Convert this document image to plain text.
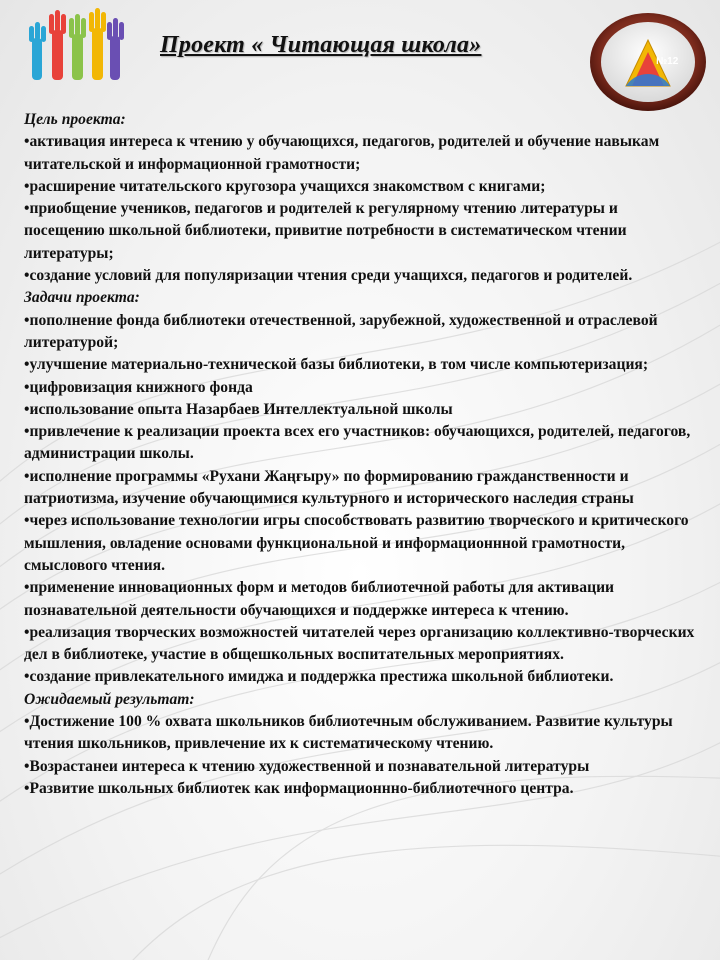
№12
Проект « Читающая школа»
Цель проекта:

•активация интереса к чтению у обучающихся, педагогов, родителей и обучение навыкам читательской и информационной грамотности;

•расширение читательского кругозора учащихся знакомством с книгами;

•приобщение учеников, педагогов и родителей к регулярному чтению литературы и посещению школьной библиотеки, привитие потребности в систематическом чтении литературы;

•создание условий для популяризации чтения среди учащихся, педагогов и родителей.

Задачи проекта:

•пополнение фонда библиотеки отечественной, зарубежной, художественной и отраслевой литературой;

•улучшение материально-технической базы библиотеки, в том числе компьютеризация;

•цифровизация книжного фонда

•использование опыта Назарбаев Интеллектуальной школы

•привлечение к реализации проекта всех его участников: обучающихся, родителей, педагогов, администрации школы.

•исполнение программы «Рухани Жаңғыру» по формированию гражданственности и патриотизма, изучение обучающимися культурного и исторического наследия страны

•через использование технологии игры способствовать развитию творческого и критического мышления, овладение основами функциональной и информационнной грамотности, смыслового чтения.

•применение инновационных форм и методов библиотечной работы для активации познавательной деятельности обучающихся и поддержке интереса к чтению.

•реализация творческих возможностей читателей через организацию коллективно-творческих дел в библиотеке, участие в общешкольных воспитательных мероприятиях.

•создание привлекательного имиджа и поддержка престижа школьной библиотеки.

Ожидаемый результат:

•Достижение 100 % охвата школьников библиотечным обслуживанием. Развитие культуры чтения школьников, привлечение их к систематическому чтению.

•Возрастанеи интереса к чтению художественной и познавательной литературы

•Развитие школьных библиотек как информационнно-библиотечного центра.
